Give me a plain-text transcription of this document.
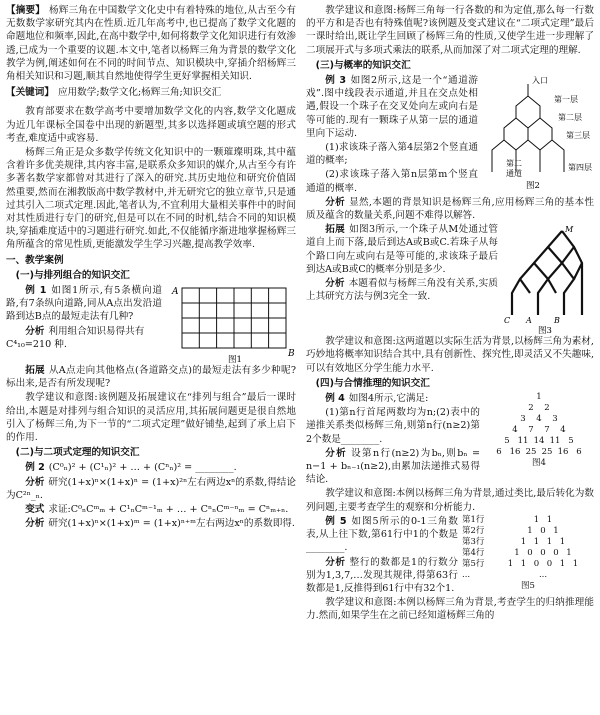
【摘要】 杨辉三角在中国数学文化史中有着特殊的地位,从古至今有无数数学家研究其内在性质.近几年高考中,也已提高了数学文化题的命题地位和频率,因此,在高中数学中,如何将数学文化知识进行有效渗透,已成为一个重要的议题.本文中,笔者以杨辉三角为背景的数学文化教学为例,阐述如何在不同的时间节点、知识模块中,穿插介绍杨辉三角相关知识和习题,顺其自然地使得学生更好掌握相关知识.

【关键词】 应用数学;数学文化;杨辉三角;知识交汇

教育部要求在数学高考中要增加数学文化的内容,数学文化题成为近几年课标全国卷中出现的新题型,其多以选择题或填空题的形式考查,难度适中或容易.

杨辉三角正是众多数学传统文化知识中的一颗璀璨明珠,其中蕴含着许多优美规律,其内容丰富,是联系众多知识的媒介,从古至今有许多著名数学家都曾对其进行了深入的研究.其历史地位和研究价值固然重要,然而在湘教版高中数学教材中,并无研究它的独立章节,只是通过其引入二项式定理.因此,笔者认为,不宜利用大量相关事件中的时间对其性质进行专门的研究,但是可以在不同的时机,结合不同的知识模块,穿插难度适中的习题进行研究.如此,不仅能循序渐进地掌握杨辉三角所蕴含的常见性质,更能激发学生学习兴趣,提高教学效率.

一、教学案例
(一)与排列组合的知识交汇
A
B
图1

例 1 如图1所示,有5条横向道路,有7条纵向道路,同从A点出发沿道路到达B点的最短走法有几种?

分析 利用组合知识易得共有
C⁴₁₀=210 种.

拓展 从A点走向其他格点(各道路交点)的最短走法有多少种呢?标出来,是否有所发现呢?

教学建议和意图:该例题及拓展建议在“排列与组合”最后一课时给出,本题是对排列与组合知识的灵活应用,其拓展问题更是很自然地引入了杨辉三角,为下一节的“二项式定理”做好铺垫,起到了承上启下的作用.

(二)与二项式定理的知识交汇

例 2 (C⁰ₙ)² + (C¹ₙ)² + … + (Cⁿₙ)² = ________.

分析 研究(1+x)ⁿ×(1+x)ⁿ = (1+x)²ⁿ左右两边xⁿ的系数,得结论为C²ⁿ_ₙ.

变式 求证:C⁰ₙCᵐₘ + C¹ₙCᵐ⁻¹ₘ + … + CⁿₙCᵐ⁻ⁿₘ = Cⁿₘ₊ₙ.

分析 研究(1+x)ⁿ×(1+x)ᵐ = (1+x)ⁿ⁺ᵐ左右两边xⁿ的系数即得.

教学建议和意图:杨辉三角每一行各数的和为定值,那么每一行数的平方和是否也有特殊值呢?该例题及变式建议在“二项式定理”最后一课时给出,既让学生回顾了杨辉三角的性质,又使学生进一步理解了二项展开式与多项式乘法的联系,从而加深了对二项式定理的理解.

(三)与概率的知识交汇
入口
第一层
第二层
第三层
第四层
第二
通道
图2

例 3 如图2所示,这是一个“通道游戏”.图中线段表示通道,并且在交点处相遇,假设一个珠子在交叉处向左或向右是等可能的.现有一颗珠子从第一层的通道里向下运动.

(1)求该珠子落入第4层第2个竖直通道的概率;

(2)求该珠子落入第n层第m个竖直通道的概率.

分析 显然,本题的背景知识是杨辉三角,应用杨辉三角的基本性质及蕴含的数量关系,问题不难得以解答.

M
A	B
C
图3

拓展 如图3所示,一个珠子从M处通过管道自上而下落,最后到达A或B或C.若珠子从每个路口向左或向右是等可能的,求该珠子最后到达A或B或C的概率分别是多少.

分析 本题看似与杨辉三角没有关系,实质上其研究方法与例3完全一致.

教学建议和意图:这两道题以实际生活为背景,以杨辉三角为素材,巧妙地将概率知识结合其中,具有创新性、探究性,即灵活又不失趣味,可以有效地区分学生能力水平.

(四)与合情推理的知识交汇
1
2 2
3 4 3
4 7 7 4
5 11 14 11 5
6 16 25 25 16 6
图4

例 4 如图4所示,它满足:

(1)第n行首尾两数均为n;(2)表中的递推关系类似杨辉三角,则第n行(n≥2)第2个数是________.

分析 设第n行(n≥2)为bₙ,则bₙ = n−1 + bₙ₋₁(n≥2),由累加法递推式易得结论.

教学建议和意图:本例以杨辉三角为背景,通过类比,最后转化为数列问题,主要考查学生的观察和分析能力.

第1行	1 1
第2行	1 0 1
第3行	1 1 1 1
第4行	1 0 0 0 1
第5行	1 1 0 0 1 1
...	...
图5

例 5 如图5所示的0-1三角数表,从上往下数,第61行中1的个数是________.

分析 整行的数都是1的行数分别为1,3,7,…发现其规律,得第63行数都是1,反推得到61行中有32个1.

教学建议和意图:本例以杨辉三角为背景,考查学生的归纳推理能力.然而,如果学生在之前已经知道杨辉三角的
